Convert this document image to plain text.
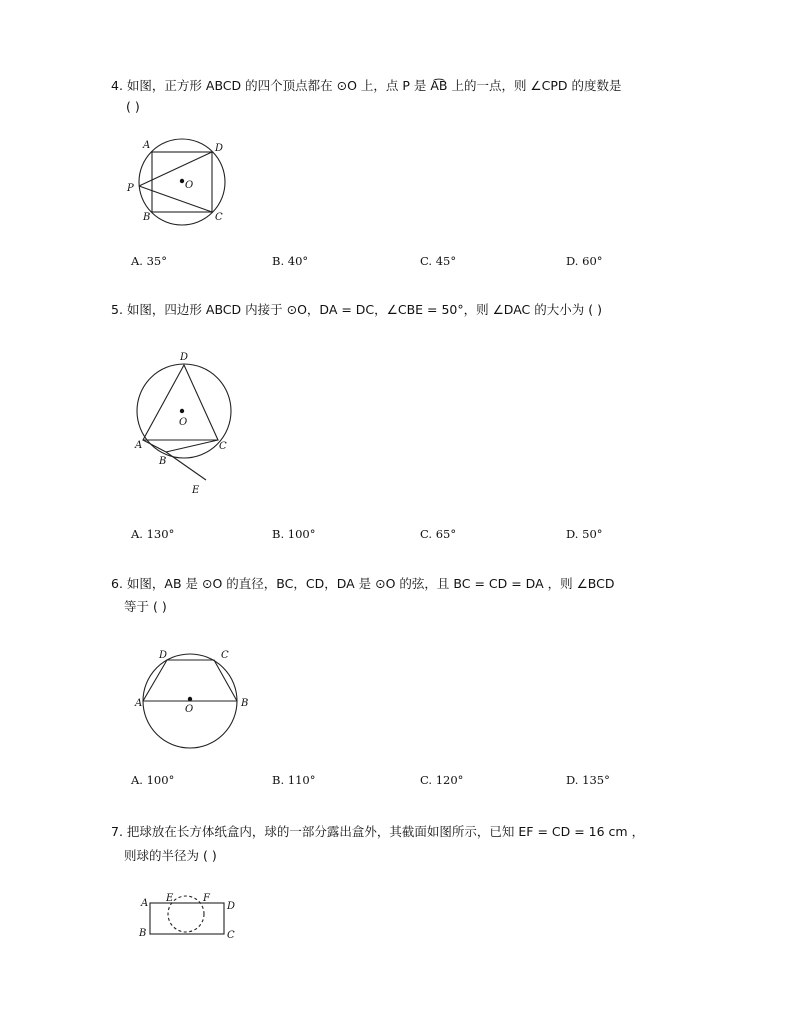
4. 如图，正方形 ABCD 的四个顶点都在 ⊙O 上，点 P 是 A͡B 上的一点，则 ∠CPD 的度数是
( )
A
B	C
D
P	O
A. 35°	B. 40°	C. 45°	D. 60°
5. 如图，四边形 ABCD 内接于 ⊙O，DA = DC，∠CBE = 50°，则 ∠DAC 的大小为 ( )
D
A
B
C
E
O
A. 130°	B. 100°	C. 65°	D. 50°
6. 如图，AB 是 ⊙O 的直径，BC，CD，DA 是 ⊙O 的弦，且 BC = CD = DA ，则 ∠BCD
等于 ( )
A	B
C
D
O
A. 100°	B. 110°	C. 120°	D. 135°
7. 把球放在长方体纸盒内，球的一部分露出盒外，其截面如图所示，已知 EF = CD = 16 cm ，
则球的半径为 ( )
A
B	C
D
E	F
